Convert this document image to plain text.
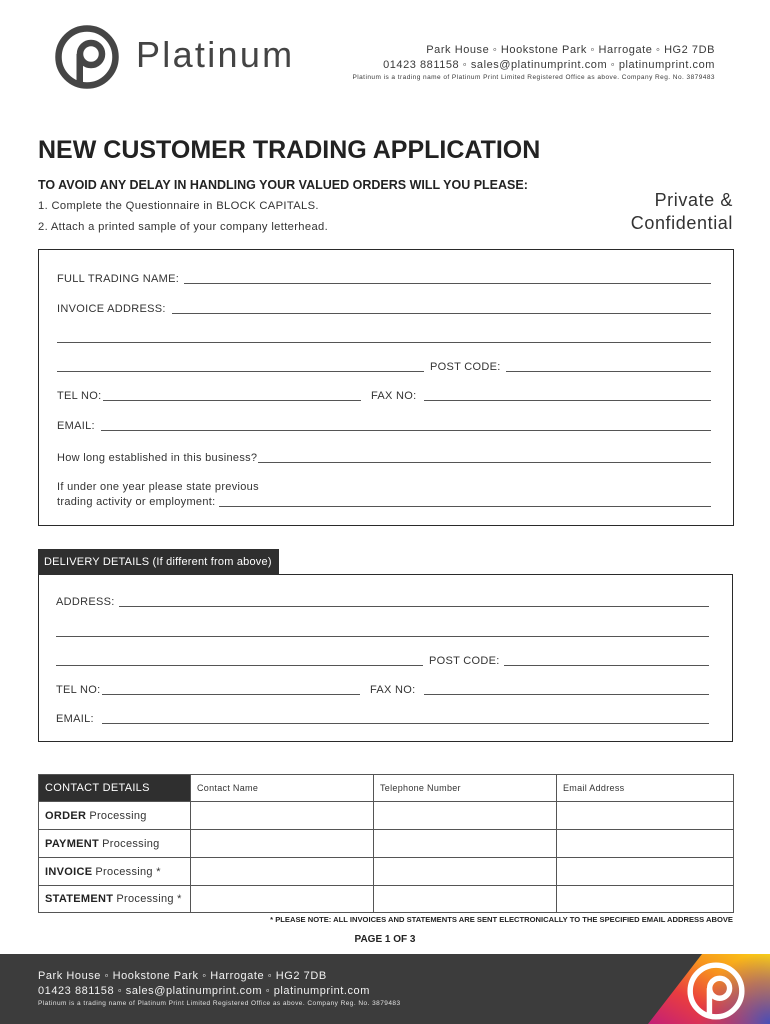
Platinum	Park House ◦ Hookstone Park ◦ Harrogate ◦ HG2 7DB
01423 881158 ◦ sales@platinumprint.com ◦ platinumprint.com
Platinum is a trading name of Platinum Print Limited Registered Office as above. Company Reg. No. 3879483
NEW CUSTOMER TRADING APPLICATION
TO AVOID ANY DELAY IN HANDLING YOUR VALUED ORDERS WILL YOU PLEASE:
1. Complete the Questionnaire in BLOCK CAPITALS.
2. Attach a printed sample of your company letterhead.
Private &
Confidential
FULL TRADING NAME:
INVOICE ADDRESS:
POST CODE:
TEL NO:	FAX NO:
EMAIL:
How long established in this business?
If under one year please state previous
trading activity or employment:
DELIVERY DETAILS (If different from above)
ADDRESS:
POST CODE:
TEL NO:	FAX NO:
EMAIL:
CONTACT DETAILS	Contact Name	Telephone Number	Email Address
ORDER Processing			
PAYMENT Processing			
INVOICE Processing *			
STATEMENT Processing *			
* PLEASE NOTE: ALL INVOICES AND STATEMENTS ARE SENT ELECTRONICALLY TO THE SPECIFIED EMAIL ADDRESS ABOVE
PAGE 1 OF 3
Park House ◦ Hookstone Park ◦ Harrogate ◦ HG2 7DB
01423 881158 ◦ sales@platinumprint.com ◦ platinumprint.com
Platinum is a trading name of Platinum Print Limited Registered Office as above. Company Reg. No. 3879483
